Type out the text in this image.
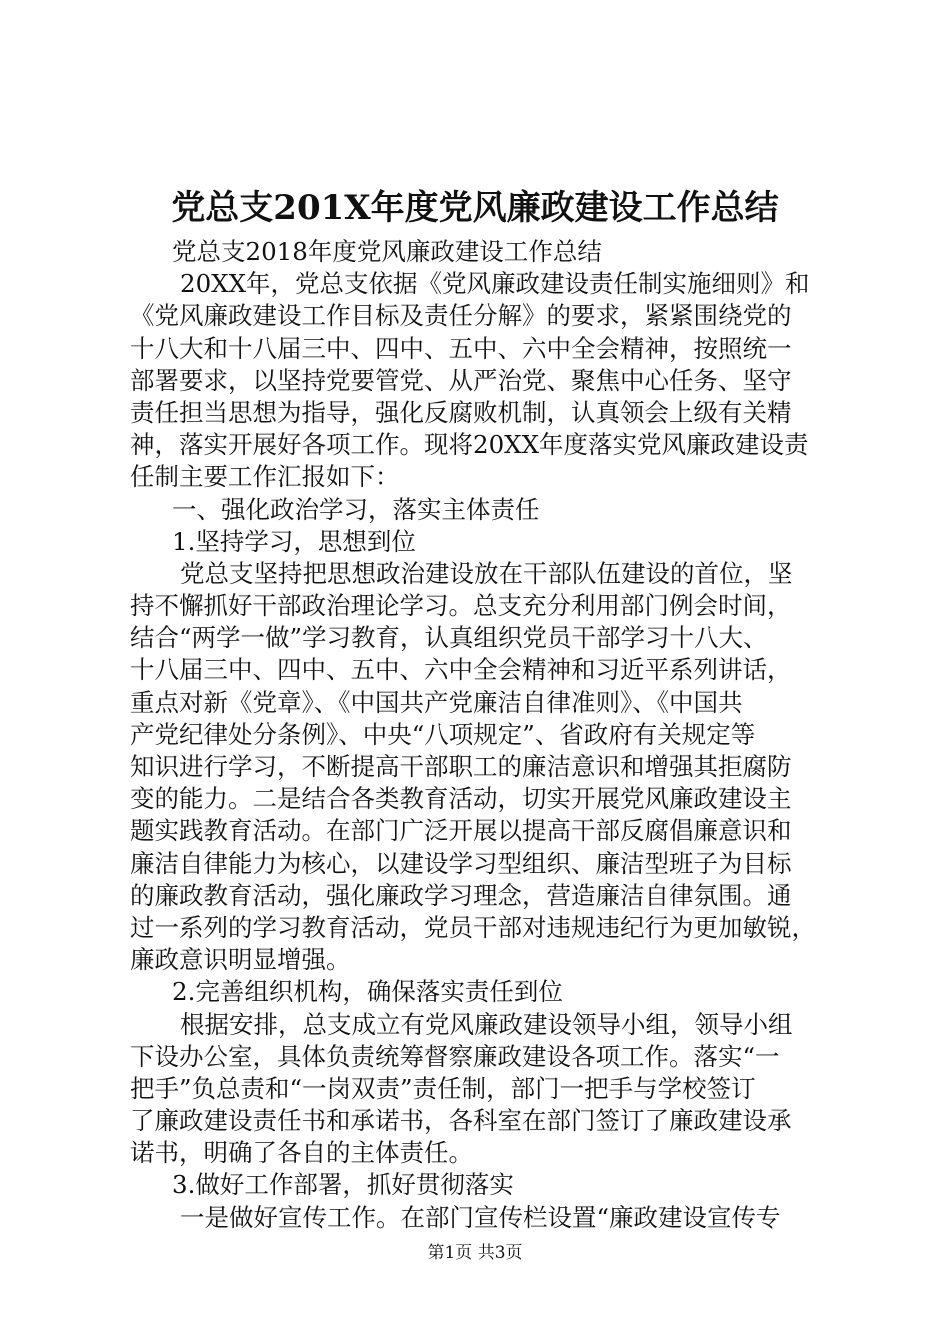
党总支201X年度党风廉政建设工作总结
党总支2018年度党风廉政建设工作总结
20XX年，党总支依据《党风廉政建设责任制实施细则》和
《党风廉政建设工作目标及责任分解》的要求，紧紧围绕党的
十八大和十八届三中、四中、五中、六中全会精神，按照统一
部署要求，以坚持党要管党、从严治党、聚焦中心任务、坚守
责任担当思想为指导，强化反腐败机制，认真领会上级有关精
神，落实开展好各项工作。现将20XX年度落实党风廉政建设责
任制主要工作汇报如下：
一、强化政治学习，落实主体责任
1.坚持学习，思想到位
党总支坚持把思想政治建设放在干部队伍建设的首位，坚
持不懈抓好干部政治理论学习。总支充分利用部门例会时间，
结合“两学一做”学习教育，认真组织党员干部学习十八大、
十八届三中、四中、五中、六中全会精神和习近平系列讲话，
重点对新《党章》、《中国共产党廉洁自律准则》、《中国共
产党纪律处分条例》、中央“八项规定”、省政府有关规定等
知识进行学习，不断提高干部职工的廉洁意识和增强其拒腐防
变的能力。二是结合各类教育活动，切实开展党风廉政建设主
题实践教育活动。在部门广泛开展以提高干部反腐倡廉意识和
廉洁自律能力为核心，以建设学习型组织、廉洁型班子为目标
的廉政教育活动，强化廉政学习理念，营造廉洁自律氛围。通
过一系列的学习教育活动，党员干部对违规违纪行为更加敏锐，
廉政意识明显增强。
2.完善组织机构，确保落实责任到位
根据安排，总支成立有党风廉政建设领导小组，领导小组
下设办公室，具体负责统筹督察廉政建设各项工作。落实“一
把手”负总责和“一岗双责”责任制，部门一把手与学校签订
了廉政建设责任书和承诺书，各科室在部门签订了廉政建设承
诺书，明确了各自的主体责任。
3.做好工作部署，抓好贯彻落实
一是做好宣传工作。在部门宣传栏设置“廉政建设宣传专
第1页 共3页
